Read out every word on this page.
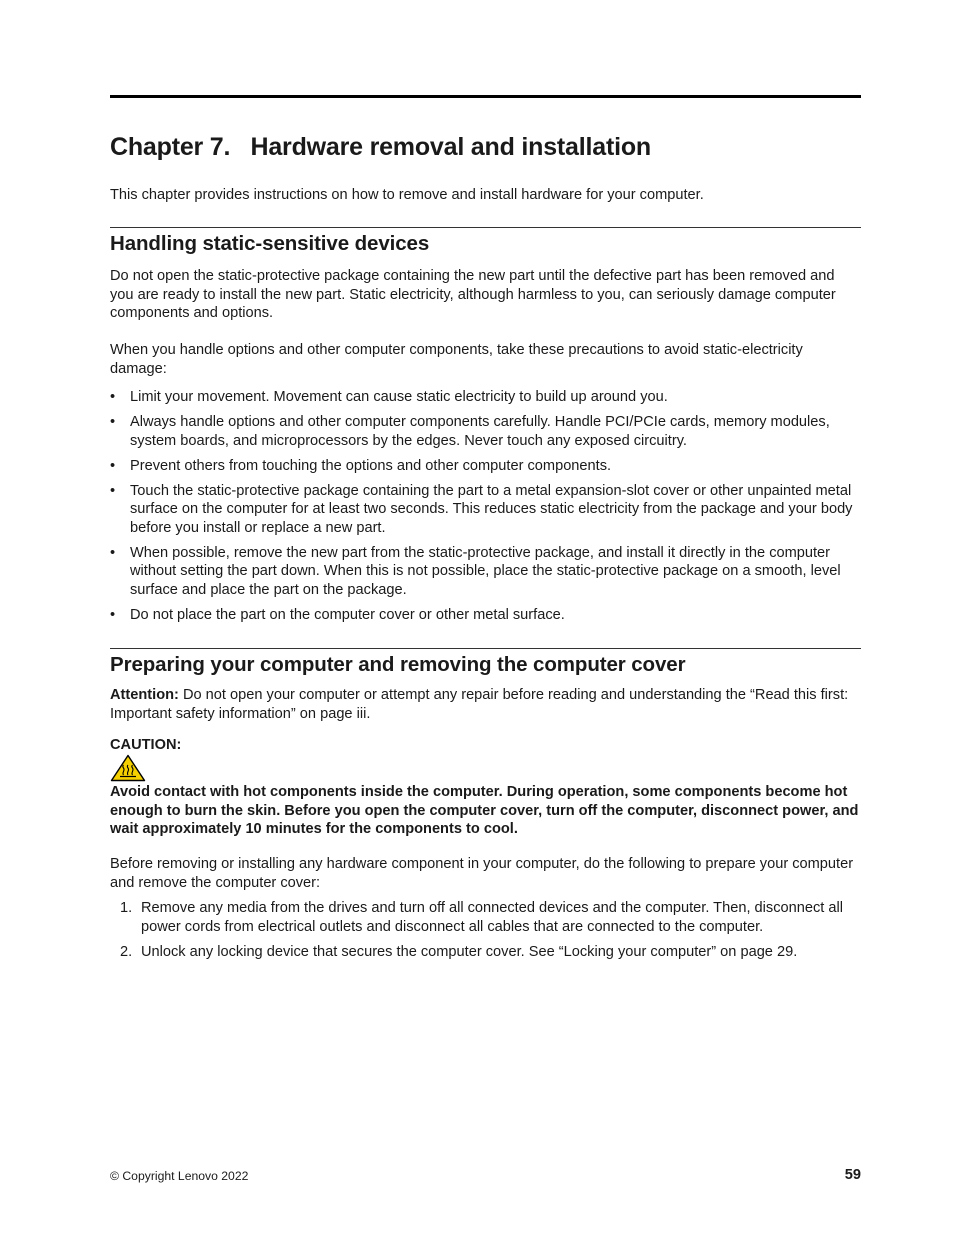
Chapter 7.   Hardware removal and installation

This chapter provides instructions on how to remove and install hardware for your computer.

Handling static-sensitive devices

Do not open the static-protective package containing the new part until the defective part has been removed and you are ready to install the new part. Static electricity, although harmless to you, can seriously damage computer components and options.

When you handle options and other computer components, take these precautions to avoid static-electricity damage:

• Limit your movement. Movement can cause static electricity to build up around you.
• Always handle options and other computer components carefully. Handle PCI/PCIe cards, memory modules, system boards, and microprocessors by the edges. Never touch any exposed circuitry.
• Prevent others from touching the options and other computer components.
• Touch the static-protective package containing the part to a metal expansion-slot cover or other unpainted metal surface on the computer for at least two seconds. This reduces static electricity from the package and your body before you install or replace a new part.
• When possible, remove the new part from the static-protective package, and install it directly in the computer without setting the part down. When this is not possible, place the static-protective package on a smooth, level surface and place the part on the package.
• Do not place the part on the computer cover or other metal surface.
Preparing your computer and removing the computer cover

Attention: Do not open your computer or attempt any repair before reading and understanding the “Read this first: Important safety information” on page iii.

CAUTION:

Avoid contact with hot components inside the computer. During operation, some components become hot enough to burn the skin. Before you open the computer cover, turn off the computer, disconnect power, and wait approximately 10 minutes for the components to cool.

Before removing or installing any hardware component in your computer, do the following to prepare your computer and remove the computer cover:

1. Remove any media from the drives and turn off all connected devices and the computer. Then, disconnect all power cords from electrical outlets and disconnect all cables that are connected to the computer.
2. Unlock any locking device that secures the computer cover. See “Locking your computer” on page 29.
© Copyright Lenovo 2022	59
